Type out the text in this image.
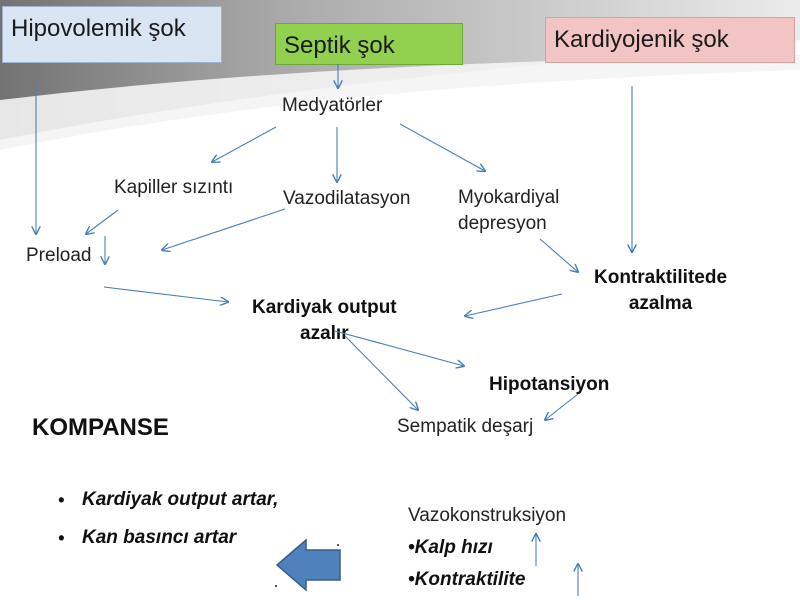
Hipovolemik şok
Septik şok	Kardiyojenik şok
Medyatörler
Kapiller sızıntı
Vazodilatasyon	Myokardiyal
depresyon
Preload
Kontraktilitede
azalma
Kardiyak output
azalır
Hipotansiyon
Sempatik deşarj
KOMPANSE
• Kardiyak output artar,
• Kan basıncı artar
Vazokonstruksiyon
•Kalp hızı
•Kontraktilite
